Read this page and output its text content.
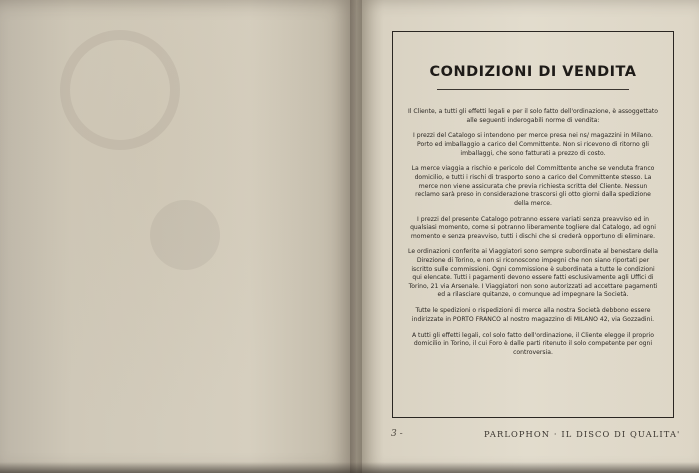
CONDIZIONI DI VENDITA

Il Cliente, a tutti gli effetti legali e per il solo fatto dell'ordinazione, è assoggettato alle seguenti inderogabili norme di vendita:

I prezzi del Catalogo si intendono per merce presa nei ns/ magazzini in Milano. Porto ed imballaggio a carico del Committente. Non si ricevono di ritorno gli imballaggi, che sono fatturati a prezzo di costo.

La merce viaggia a rischio e pericolo del Committente anche se venduta franco domicilio, e tutti i rischi di trasporto sono a carico del Committente stesso. La merce non viene assicurata che previa richiesta scritta del Cliente. Nessun reclamo sarà preso in considerazione trascorsi gli otto giorni dalla spedizione della merce.

I prezzi del presente Catalogo potranno essere variati senza preavviso ed in qualsiasi momento, come si potranno liberamente togliere dal Catalogo, ad ogni momento e senza preavviso, tutti i dischi che si crederà opportuno di eliminare.

Le ordinazioni conferite ai Viaggiatori sono sempre subordinate al benestare della Direzione di Torino, e non si riconoscono impegni che non siano riportati per iscritto sulle commissioni. Ogni commissione è subordinata a tutte le condizioni qui elencate. Tutti i pagamenti devono essere fatti esclusivamente agli Uffici di Torino, 21 via Arsenale. I Viaggiatori non sono autorizzati ad accettare pagamenti ed a rilasciare quitanze, o comunque ad impegnare la Società.

Tutte le spedizioni o rispedizioni di merce alla nostra Società debbono essere indirizzate in PORTO FRANCO al nostro magazzino di MILANO 42, via Gozzadini.

A tutti gli effetti legali, col solo fatto dell'ordinazione, il Cliente elegge il proprio domicilio in Torino, il cui Foro è dalle parti ritenuto il solo competente per ogni controversia.

3 -	PARLOPHON · IL DISCO DI QUALITA'
